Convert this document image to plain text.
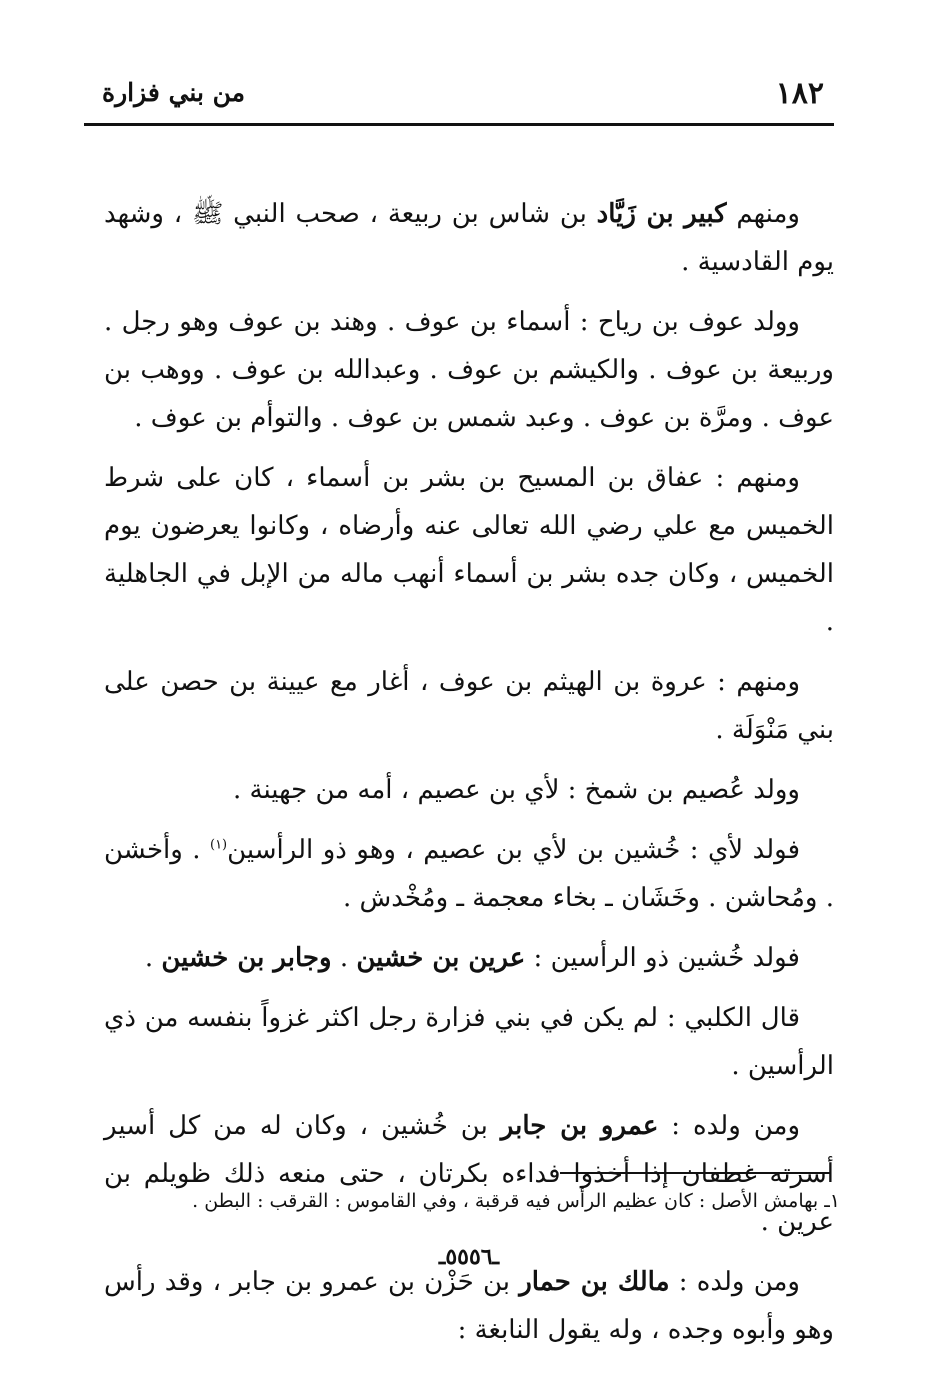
١٨٢
من بني فزارة

ومنهم كبير بن زَيَّاد بن شاس بن ربيعة ، صحب النبي ﷺ ، وشهد يوم القادسية .

وولد عوف بن رياح : أسماء بن عوف . وهند بن عوف وهو رجل . وربيعة بن عوف . والكيشم بن عوف . وعبدالله بن عوف . ووهب بن عوف . ومرَّة بن عوف . وعبد شمس بن عوف . والتوأم بن عوف .

ومنهم : عفاق بن المسيح بن بشر بن أسماء ، كان على شرط الخميس مع علي رضي الله تعالى عنه وأرضاه ، وكانوا يعرضون يوم الخميس ، وكان جده بشر بن أسماء أنهب ماله من الإبل في الجاهلية .

ومنهم : عروة بن الهيثم بن عوف ، أغار مع عيينة بن حصن على بني مَنْوَلَة .

وولد عُصيم بن شمخ : لأي بن عصيم ، أمه من جهينة .

فولد لأي : خُشين بن لأي بن عصيم ، وهو ذو الرأسين$^{(١)}$ . وأخشن . ومُحاشن . وخَشَان ـ بخاء معجمة ـ ومُخْدش .

فولد خُشين ذو الرأسين : عرين بن خشين . وجابر بن خشين .

قال الكلبي : لم يكن في بني فزارة رجل اكثر غزواً بنفسه من ذي الرأسين .

ومن ولده : عمرو بن جابر بن خُشين ، وكان له من كل أسير أسرته غطفان إذا أخذوا فداءه بكرتان ، حتى منعه ذلك ظويلم بن عرين .

ومن ولده : مالك بن حمار بن حَزْن بن عمرو بن جابر ، وقد رأس وهو وأبوه وجده ، وله يقول النابغة :

١ـ بهامش الأصل : كان عظيم الرأس فيه قرقبة ، وفي القاموس : القرقب : البطن .
ـ٥٥٥٦ـ
